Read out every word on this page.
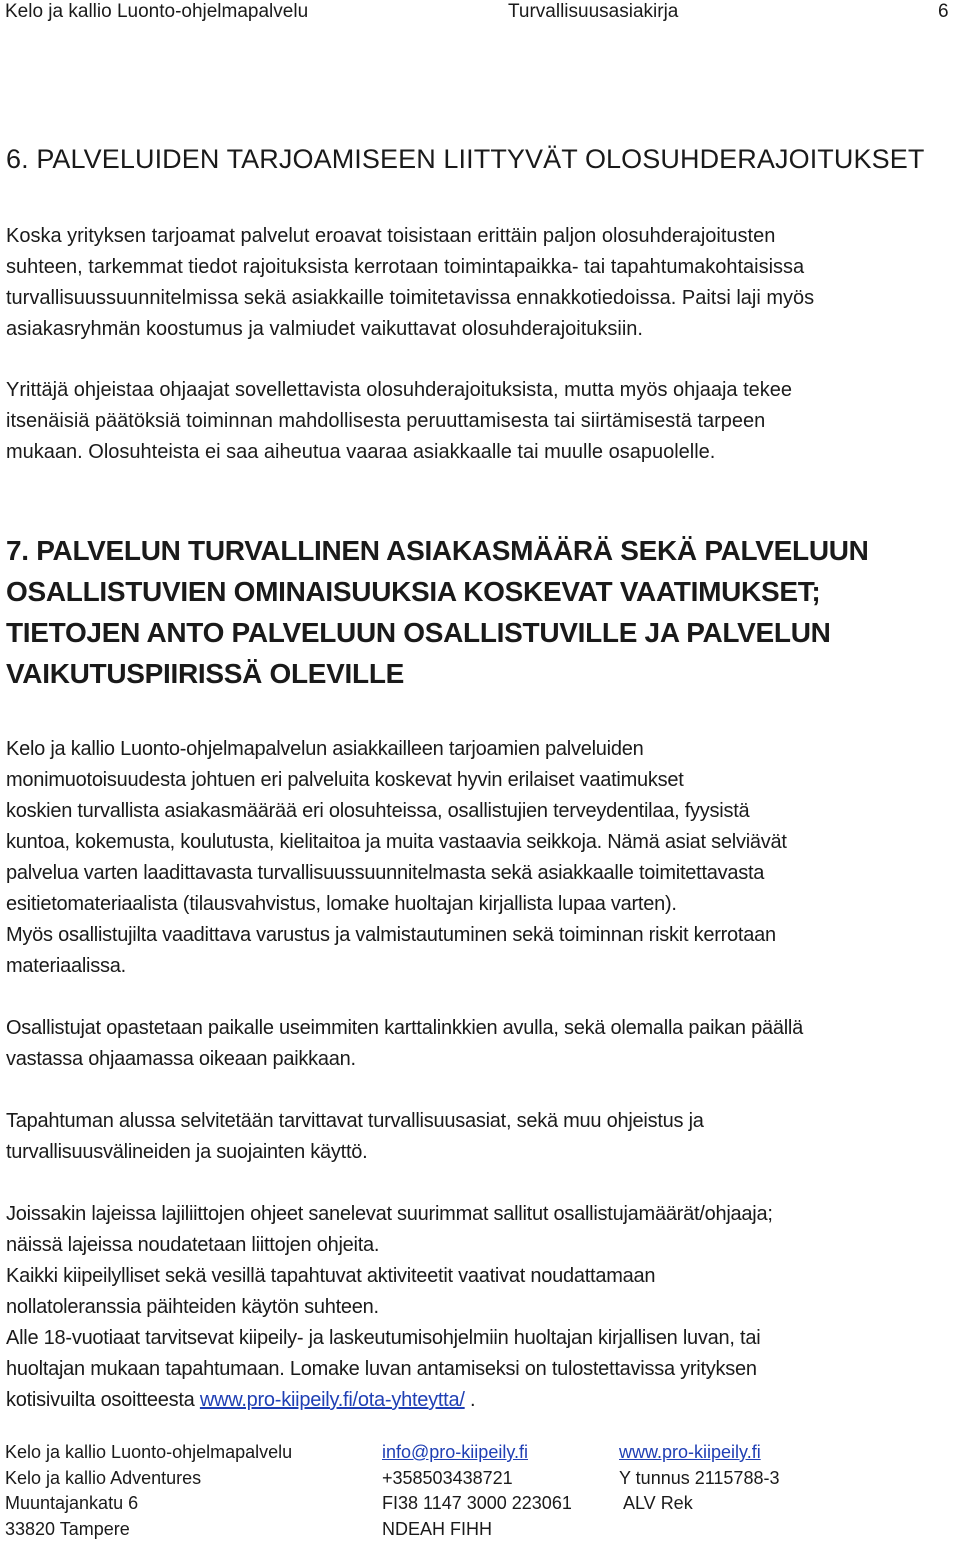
Kelo ja kallio Luonto-ohjelmapalvelu	Turvallisuusasiakirja	6
6. PALVELUIDEN TARJOAMISEEN LIITTYVÄT OLOSUHDERAJOITUKSET
Koska yrityksen tarjoamat palvelut eroavat toisistaan erittäin paljon olosuhderajoitusten
suhteen, tarkemmat tiedot rajoituksista kerrotaan toimintapaikka- tai tapahtumakohtaisissa
turvallisuussuunnitelmissa sekä asiakkaille toimitetavissa ennakkotiedoissa. Paitsi laji myös
asiakasryhmän koostumus ja valmiudet vaikuttavat olosuhderajoituksiin.
Yrittäjä ohjeistaa ohjaajat sovellettavista olosuhderajoituksista, mutta myös ohjaaja tekee
itsenäisiä päätöksiä toiminnan mahdollisesta peruuttamisesta tai siirtämisestä tarpeen
mukaan. Olosuhteista ei saa aiheutua vaaraa asiakkaalle tai muulle osapuolelle.
7. PALVELUN TURVALLINEN ASIAKASMÄÄRÄ SEKÄ PALVELUUN
OSALLISTUVIEN OMINAISUUKSIA KOSKEVAT VAATIMUKSET;
TIETOJEN ANTO PALVELUUN OSALLISTUVILLE JA PALVELUN
VAIKUTUSPIIRISSÄ OLEVILLE
Kelo ja kallio Luonto-ohjelmapalvelun asiakkailleen tarjoamien palveluiden
monimuotoisuudesta johtuen eri palveluita koskevat hyvin erilaiset vaatimukset
koskien turvallista asiakasmäärää eri olosuhteissa, osallistujien terveydentilaa, fyysistä
kuntoa, kokemusta, koulutusta, kielitaitoa ja muita vastaavia seikkoja. Nämä asiat selviävät
palvelua varten laadittavasta turvallisuussuunnitelmasta sekä asiakkaalle toimitettavasta
esitietomateriaalista (tilausvahvistus, lomake huoltajan kirjallista lupaa varten).
Myös osallistujilta vaadittava varustus ja valmistautuminen sekä toiminnan riskit kerrotaan
materiaalissa.
Osallistujat opastetaan paikalle useimmiten karttalinkkien avulla, sekä olemalla paikan päällä
vastassa ohjaamassa oikeaan paikkaan.
Tapahtuman alussa selvitetään tarvittavat turvallisuusasiat, sekä muu ohjeistus ja
turvallisuusvälineiden ja suojainten käyttö.
Joissakin lajeissa lajiliittojen ohjeet sanelevat suurimmat sallitut osallistujamäärät/ohjaaja;
näissä lajeissa noudatetaan liittojen ohjeita.
Kaikki kiipeilylliset sekä vesillä tapahtuvat aktiviteetit vaativat noudattamaan
nollatoleranssia päihteiden käytön suhteen.
Alle 18-vuotiaat tarvitsevat kiipeily- ja laskeutumisohjelmiin huoltajan kirjallisen luvan, tai
huoltajan mukaan tapahtumaan. Lomake luvan antamiseksi on tulostettavissa yrityksen
kotisivuilta osoitteesta www.pro-kiipeily.fi/ota-yhteytta/ .
Kelo ja kallio Luonto-ohjelmapalvelu
Kelo ja kallio Adventures
Muuntajankatu 6
33820 Tampere
info@pro-kiipeily.fi
+358503438721
FI38 1147 3000 223061
NDEAH FIHH
www.pro-kiipeily.fi
Y tunnus 2115788-3
ALV Rek
